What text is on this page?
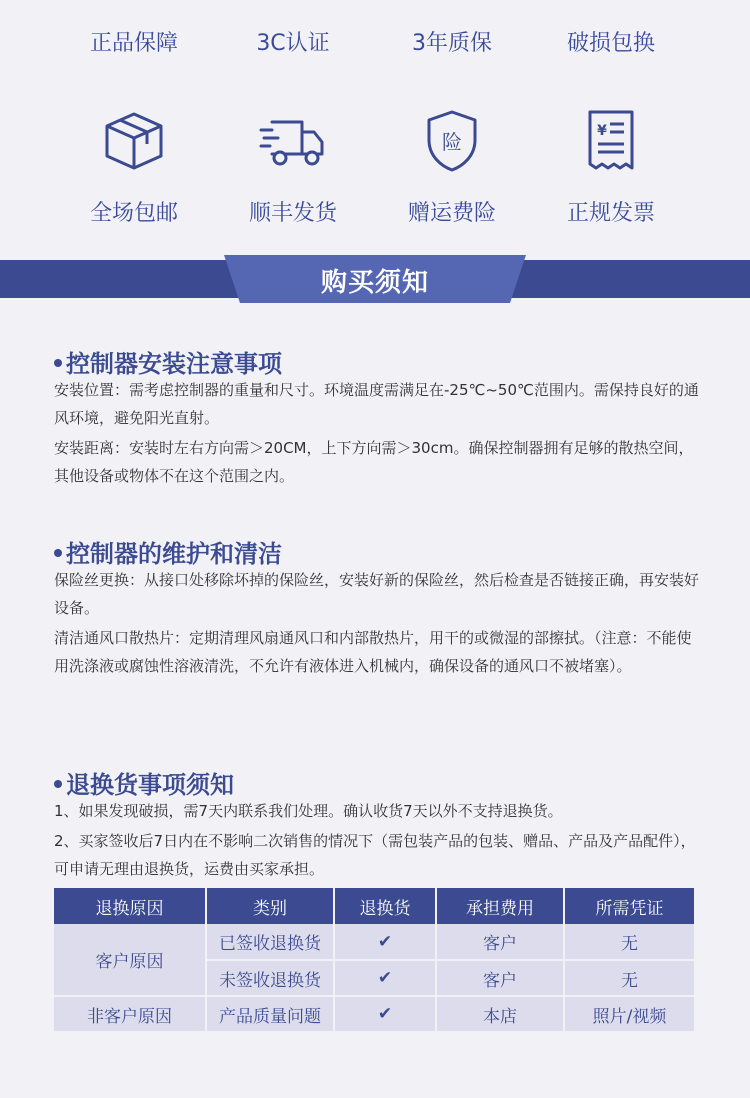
正品保障	3C认证	3年质保	破损包换
全场包邮	顺丰发货
险
赠运费险
¥
正规发票
购买须知
控制器安装注意事项
安装位置：需考虑控制器的重量和尺寸。环境温度需满足在-25℃~50℃范围内。需保持良好的通风环境，避免阳光直射。
安装距离：安装时左右方向需＞20CM，上下方向需＞30cm。确保控制器拥有足够的散热空间，其他设备或物体不在这个范围之内。
控制器的维护和清洁
保险丝更换：从接口处移除坏掉的保险丝，安装好新的保险丝，然后检查是否链接正确，再安装好设备。
清洁通风口散热片：定期清理风扇通风口和内部散热片，用干的或微湿的部擦拭。（注意：不能使用洗涤液或腐蚀性溶液清洗，不允许有液体进入机械内，确保设备的通风口不被堵塞）。
退换货事项须知
1、如果发现破损，需7天内联系我们处理。确认收货7天以外不支持退换货。
2、买家签收后7日内在不影响二次销售的情况下（需包装产品的包装、赠品、产品及产品配件），可申请无理由退换货，运费由买家承担。
退换原因	类别	退换货	承担费用	所需凭证
客户原因	已签收退换货	✔	客户	无
	未签收退换货	✔	客户	无
非客户原因	产品质量问题	✔	本店	照片/视频
